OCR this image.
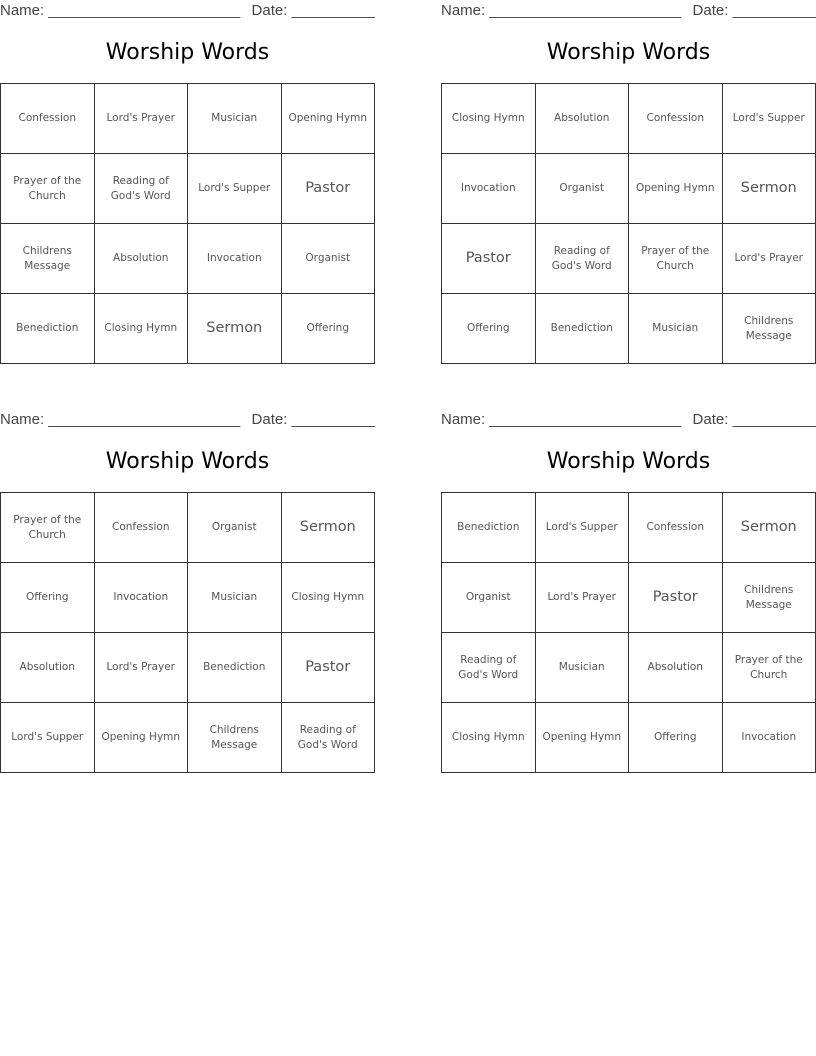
Name: _______________________ Date: __________
Worship Words
Confession	Lord's Prayer	Musician	Opening Hymn
Prayer of the Church	Reading of God's Word	Lord's Supper	Pastor
Childrens Message	Absolution	Invocation	Organist
Benediction	Closing Hymn	Sermon	Offering
Name: _______________________ Date: __________
Worship Words
Closing Hymn	Absolution	Confession	Lord's Supper
Invocation	Organist	Opening Hymn	Sermon
Pastor	Reading of God's Word	Prayer of the Church	Lord's Prayer
Offering	Benediction	Musician	Childrens Message
Name: _______________________ Date: __________
Worship Words
Prayer of the Church	Confession	Organist	Sermon
Offering	Invocation	Musician	Closing Hymn
Absolution	Lord's Prayer	Benediction	Pastor
Lord's Supper	Opening Hymn	Childrens Message	Reading of God's Word
Name: _______________________ Date: __________
Worship Words
Benediction	Lord's Supper	Confession	Sermon
Organist	Lord's Prayer	Pastor	Childrens Message
Reading of God's Word	Musician	Absolution	Prayer of the Church
Closing Hymn	Opening Hymn	Offering	Invocation
